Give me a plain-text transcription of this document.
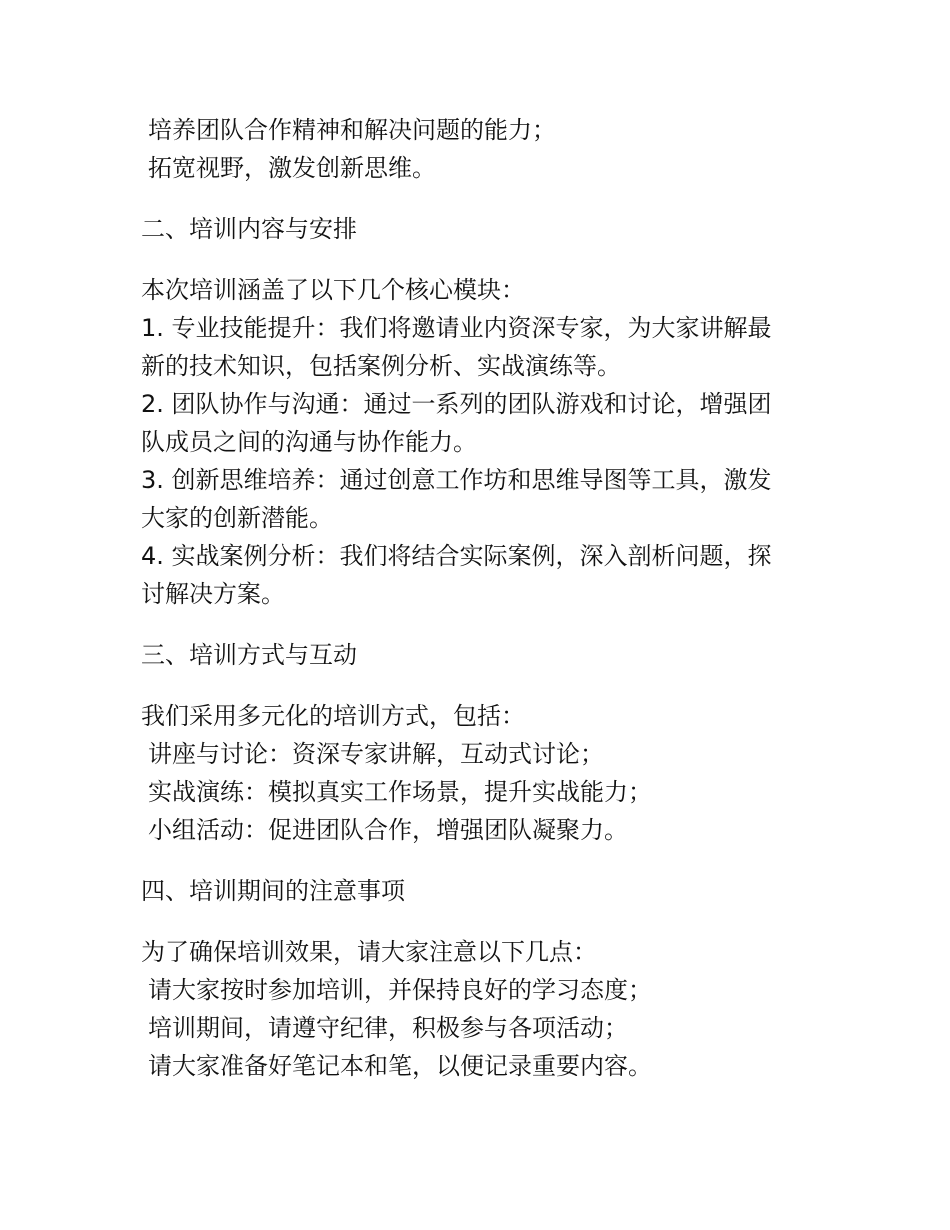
培养团队合作精神和解决问题的能力；
拓宽视野，激发创新思维。
二、培训内容与安排
本次培训涵盖了以下几个核心模块：
1. 专业技能提升：我们将邀请业内资深专家，为大家讲解最
新的技术知识，包括案例分析、实战演练等。
2. 团队协作与沟通：通过一系列的团队游戏和讨论，增强团
队成员之间的沟通与协作能力。
3. 创新思维培养：通过创意工作坊和思维导图等工具，激发
大家的创新潜能。
4. 实战案例分析：我们将结合实际案例，深入剖析问题，探
讨解决方案。
三、培训方式与互动
我们采用多元化的培训方式，包括：
讲座与讨论：资深专家讲解，互动式讨论；
实战演练：模拟真实工作场景，提升实战能力；
小组活动：促进团队合作，增强团队凝聚力。
四、培训期间的注意事项
为了确保培训效果，请大家注意以下几点：
请大家按时参加培训，并保持良好的学习态度；
培训期间，请遵守纪律，积极参与各项活动；
请大家准备好笔记本和笔，以便记录重要内容。
